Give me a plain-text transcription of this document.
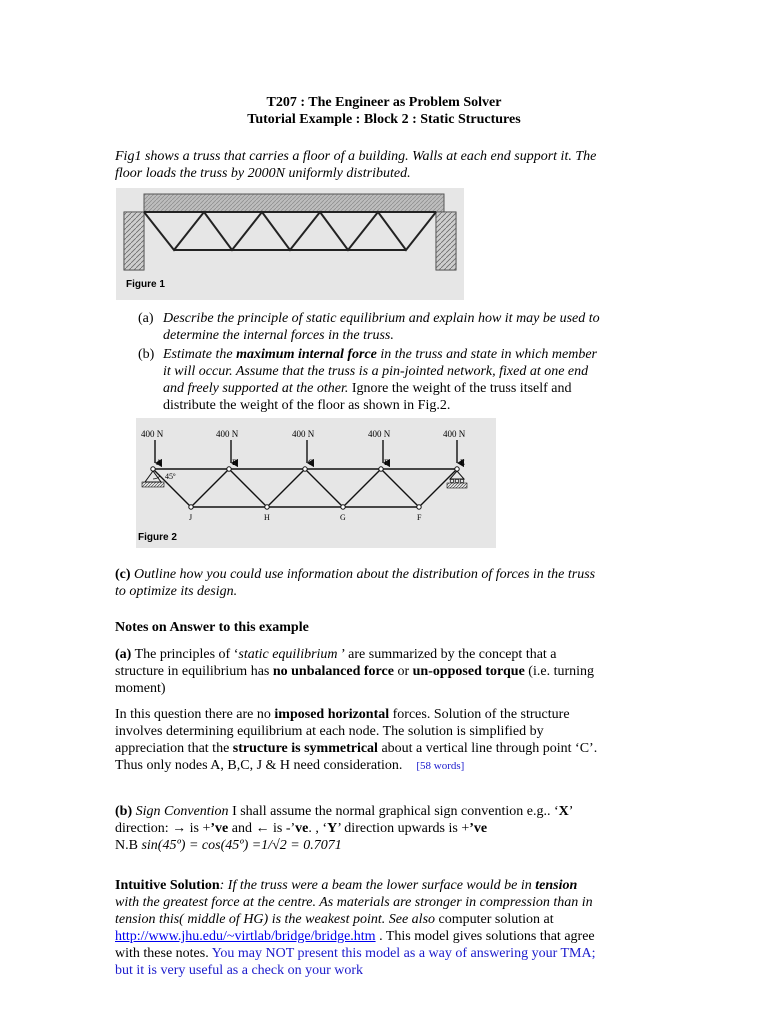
T207 : The Engineer as Problem Solver
Tutorial Example : Block 2 : Static Structures
Fig1 shows a truss that carries a floor of a building. Walls at each end support it. The
floor loads the truss by 2000N uniformly distributed.
Figure 1
(a) Describe the principle of static equilibrium and explain how it may be used to
determine the internal forces in the truss.
(b) Estimate the maximum internal force in the truss and state in which member
it will occur. Assume that the truss is a pin-jointed network, fixed at one end
and freely supported at the other. Ignore the weight of the truss itself and
distribute the weight of the floor as shown in Fig.2.
400 N	400 N	400 N	400 N	400 N
A	B	C	D	E
J	H	G	F
45º
Figure 2
(c) Outline how you could use information about the distribution of forces in the truss
to optimize its design.
Notes on Answer to this example
(a) The principles of ‘static equilibrium ’ are summarized by the concept that a
structure in equilibrium has no unbalanced force or un-opposed torque (i.e. turning
moment)
In this question there are no imposed horizontal forces. Solution of the structure
involves determining equilibrium at each node. The solution is simplified by
appreciation that the structure is symmetrical about a vertical line through point ‘C’.
Thus only nodes A, B,C, J & H need consideration. [58 words]
(b) Sign Convention I shall assume the normal graphical sign convention e.g.. ‘X’
direction: → is +’ve and ← is -’ve. , ‘Y’ direction upwards is +’ve
N.B sin(45º) = cos(45º) =1/√2 = 0.7071
Intuitive Solution: If the truss were a beam the lower surface would be in tension
with the greatest force at the centre. As materials are stronger in compression than in
tension this( middle of HG) is the weakest point. See also computer solution at
http://www.jhu.edu/~virtlab/bridge/bridge.htm . This model gives solutions that agree
with these notes. You may NOT present this model as a way of answering your TMA;
but it is very useful as a check on your work
